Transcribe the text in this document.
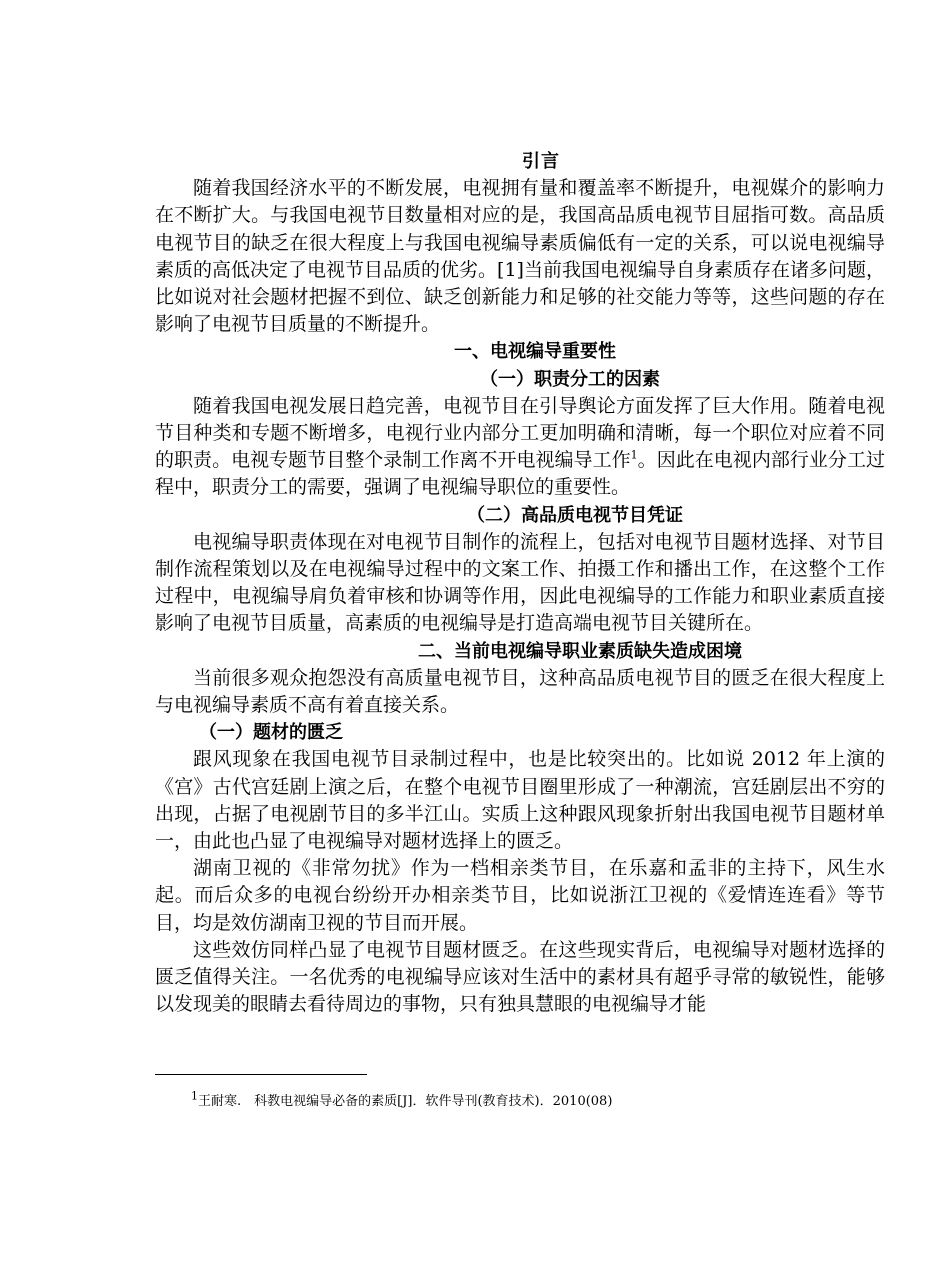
引言

随着我国经济水平的不断发展，电视拥有量和覆盖率不断提升，电视媒介的影响力在不断扩大。与我国电视节目数量相对应的是，我国高品质电视节目屈指可数。高品质电视节目的缺乏在很大程度上与我国电视编导素质偏低有一定的关系，可以说电视编导素质的高低决定了电视节目品质的优劣。[1]当前我国电视编导自身素质存在诸多问题，比如说对社会题材把握不到位、缺乏创新能力和足够的社交能力等等，这些问题的存在影响了电视节目质量的不断提升。

一、电视编导重要性

（一）职责分工的因素

随着我国电视发展日趋完善，电视节目在引导舆论方面发挥了巨大作用。随着电视节目种类和专题不断增多，电视行业内部分工更加明确和清晰，每一个职位对应着不同的职责。电视专题节目整个录制工作离不开电视编导工作$^1$。因此在电视内部行业分工过程中，职责分工的需要，强调了电视编导职位的重要性。

（二）高品质电视节目凭证

电视编导职责体现在对电视节目制作的流程上，包括对电视节目题材选择、对节目制作流程策划以及在电视编导过程中的文案工作、拍摄工作和播出工作，在这整个工作过程中，电视编导肩负着审核和协调等作用，因此电视编导的工作能力和职业素质直接影响了电视节目质量，高素质的电视编导是打造高端电视节目关键所在。

二、当前电视编导职业素质缺失造成困境

当前很多观众抱怨没有高质量电视节目，这种高品质电视节目的匮乏在很大程度上与电视编导素质不高有着直接关系。

（一）题材的匮乏

跟风现象在我国电视节目录制过程中，也是比较突出的。比如说 2012 年上演的《宫》古代宫廷剧上演之后，在整个电视节目圈里形成了一种潮流，宫廷剧层出不穷的出现，占据了电视剧节目的多半江山。实质上这种跟风现象折射出我国电视节目题材单一，由此也凸显了电视编导对题材选择上的匮乏。

湖南卫视的《非常勿扰》作为一档相亲类节目，在乐嘉和孟非的主持下，风生水起。而后众多的电视台纷纷开办相亲类节目，比如说浙江卫视的《爱情连连看》等节目，均是效仿湖南卫视的节目而开展。

这些效仿同样凸显了电视节目题材匮乏。在这些现实背后，电视编导对题材选择的匮乏值得关注。一名优秀的电视编导应该对生活中的素材具有超乎寻常的敏锐性，能够以发现美的眼睛去看待周边的事物，只有独具慧眼的电视编导才能

$^1$王耐寒.　科教电视编导必备的素质[J]．软件导刊(教育技术)．2010(08)
